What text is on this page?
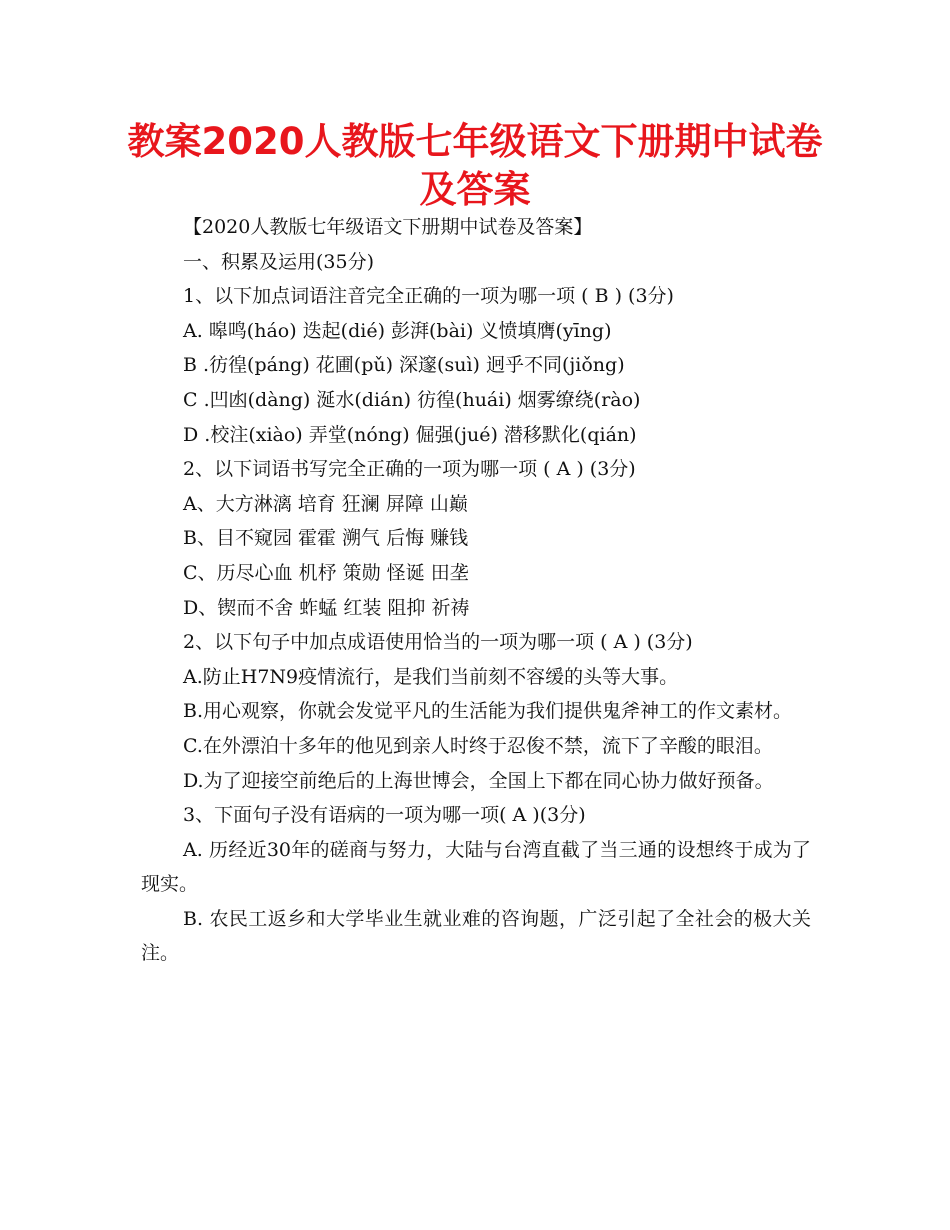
教案2020人教版七年级语文下册期中试卷
及答案

【2020人教版七年级语文下册期中试卷及答案】

一、积累及运用(35分)

1、以下加点词语注音完全正确的一项为哪一项 ( B ) (3分)

A. 嗥鸣(háo) 迭起(dié) 彭湃(bài) 义愤填膺(yīng)

B .彷徨(páng) 花圃(pǔ) 深邃(suì) 迥乎不同(jiǒng)

C .凹凼(dàng) 涎水(dián) 彷徨(huái) 烟雾缭绕(rào)

D .校注(xiào) 弄堂(nóng) 倔强(jué) 潜移默化(qián)

2、以下词语书写完全正确的一项为哪一项 ( A ) (3分)

A、大方淋漓 培育 狂澜 屏障 山巅

B、目不窥园 霍霍 溯气 后悔 赚钱

C、历尽心血 机杼 策勋 怪诞 田垄

D、锲而不舍 蚱蜢 红装 阻抑 祈祷

2、以下句子中加点成语使用恰当的一项为哪一项 ( A ) (3分)

A.防止H7N9疫情流行，是我们当前刻不容缓的头等大事。

B.用心观察，你就会发觉平凡的生活能为我们提供鬼斧神工的作文素材。

C.在外漂泊十多年的他见到亲人时终于忍俊不禁，流下了辛酸的眼泪。

D.为了迎接空前绝后的上海世博会，全国上下都在同心协力做好预备。

3、下面句子没有语病的一项为哪一项( A )(3分)

A. 历经近30年的磋商与努力，大陆与台湾直截了当三通的设想终于成为了现实。

B. 农民工返乡和大学毕业生就业难的咨询题，广泛引起了全社会的极大关注。
